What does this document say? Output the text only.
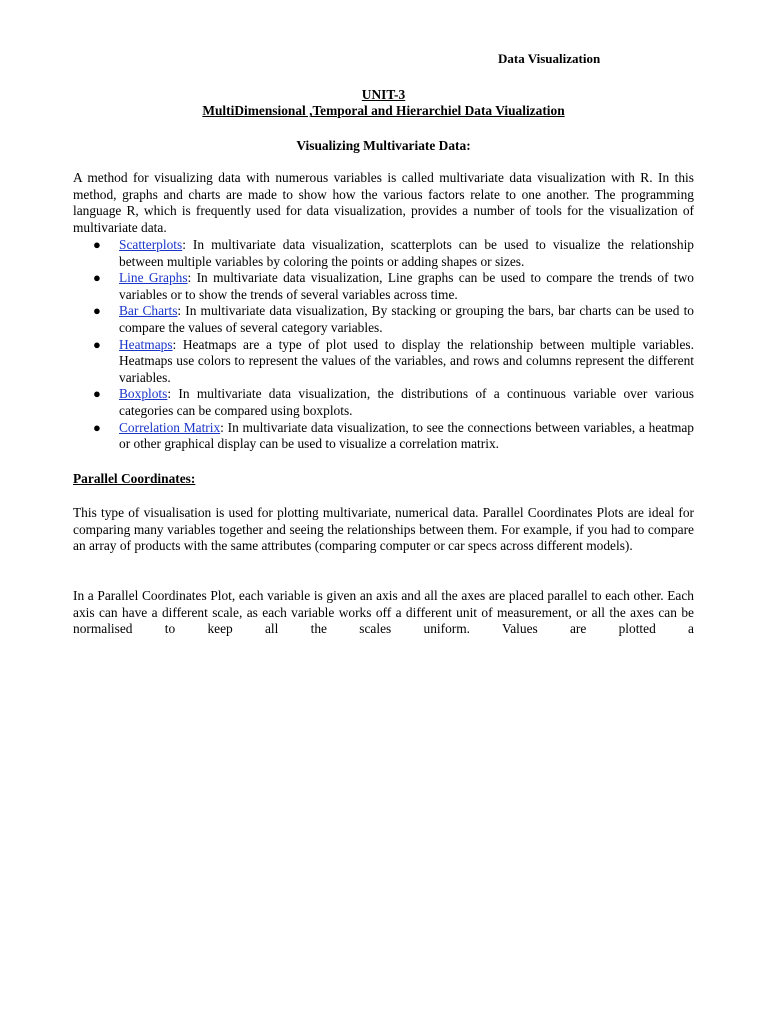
Data Visualization
UNIT-3
MultiDimensional ,Temporal and Hierarchiel Data Viualization
Visualizing Multivariate Data:

A method for visualizing data with numerous variables is called multivariate data visualization with R. In this method, graphs and charts are made to show how the various factors relate to one another. The programming language R, which is frequently used for data visualization, provides a number of tools for the visualization of multivariate data.

● Scatterplots: In multivariate data visualization, scatterplots can be used to visualize the relationship between multiple variables by coloring the points or adding shapes or sizes.
● Line Graphs: In multivariate data visualization, Line graphs can be used to compare the trends of two variables or to show the trends of several variables across time.
● Bar Charts: In multivariate data visualization, By stacking or grouping the bars, bar charts can be used to compare the values of several category variables.
● Heatmaps: Heatmaps are a type of plot used to display the relationship between multiple variables. Heatmaps use colors to represent the values of the variables, and rows and columns represent the different variables.
● Boxplots: In multivariate data visualization, the distributions of a continuous variable over various categories can be compared using boxplots.
● Correlation Matrix: In multivariate data visualization, to see the connections between variables, a heatmap or other graphical display can be used to visualize a correlation matrix.
Parallel Coordinates:

This type of visualisation is used for plotting multivariate, numerical data. Parallel Coordinates Plots are ideal for comparing many variables together and seeing the relationships between them. For example, if you had to compare an array of products with the same attributes (comparing computer or car specs across different models).

In a Parallel Coordinates Plot, each variable is given an axis and all the axes are placed parallel to each other. Each axis can have a different scale, as each variable works off a different unit of measurement, or all the axes can be normalised to keep all the scales uniform. Values are plotted a
